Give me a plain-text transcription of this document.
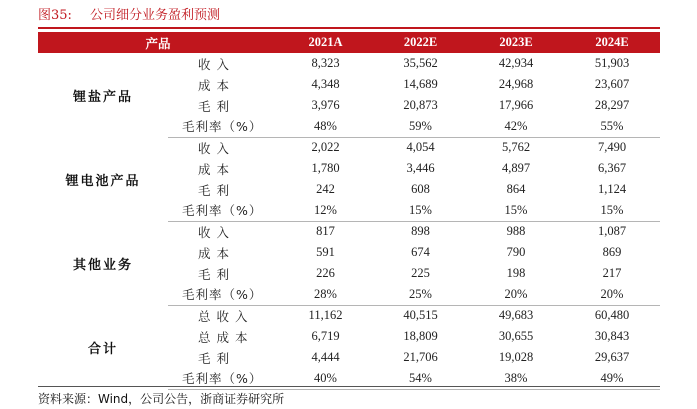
图35: 公司细分业务盈利预测
产品		2021A	2022E	2023E	2024E
锂盐产品	收入	8,323	35,562	42,934	51,903
	成本	4,348	14,689	24,968	23,607
	毛利	3,976	20,873	17,966	28,297
	毛利率（%）	48%	59%	42%	55%
锂电池产品	收入	2,022	4,054	5,762	7,490
	成本	1,780	3,446	4,897	6,367
	毛利	242	608	864	1,124
	毛利率（%）	12%	15%	15%	15%
其他业务	收入	817	898	988	1,087
	成本	591	674	790	869
	毛利	226	225	198	217
	毛利率（%）	28%	25%	20%	20%
合计	总收入	11,162	40,515	49,683	60,480
	总成本	6,719	18,809	30,655	30,843
	毛利	4,444	21,706	19,028	29,637
	毛利率（%）	40%	54%	38%	49%
资料来源：Wind，公司公告，浙商证券研究所
